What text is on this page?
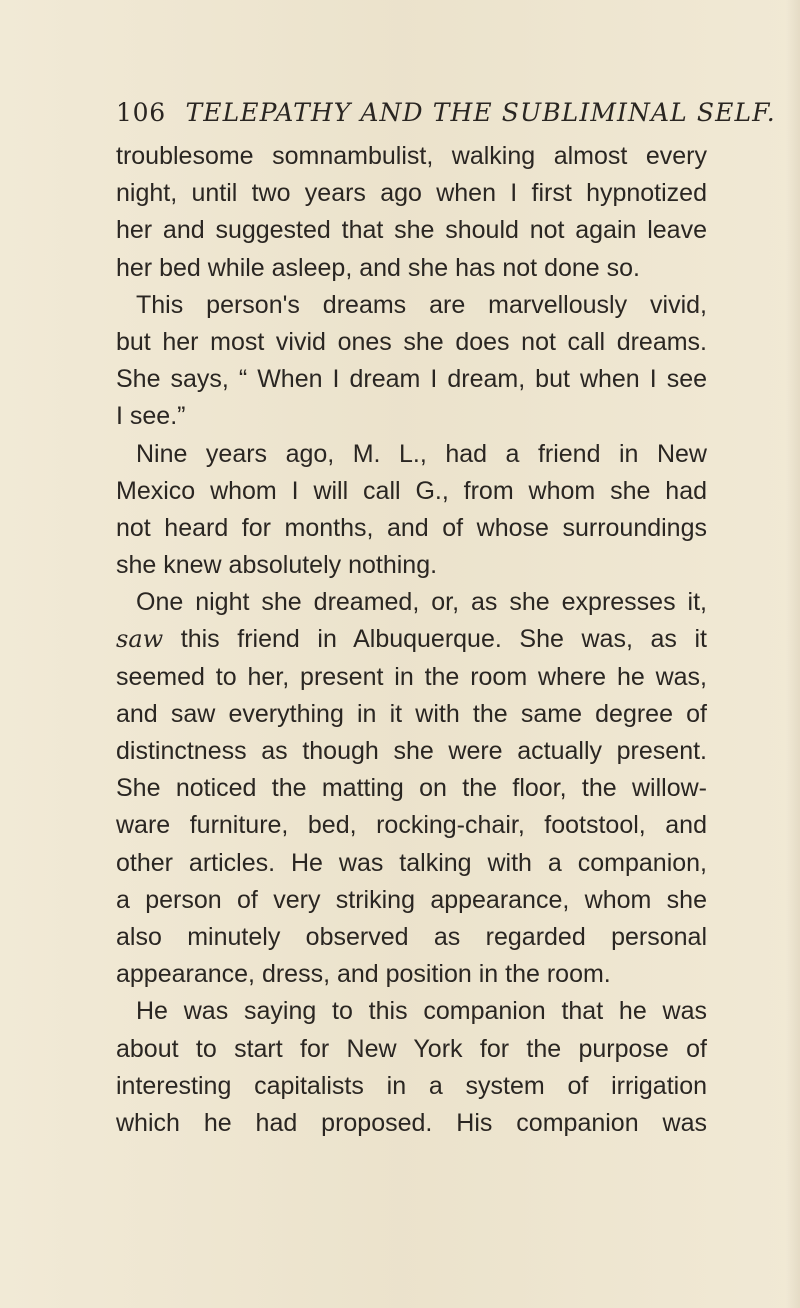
106 TELEPATHY AND THE SUBLIMINAL SELF.
troublesome somnambulist, walking almost every
night, until two years ago when I first hypnotized
her and suggested that she should not again leave
her bed while asleep, and she has not done so.
This person's dreams are marvellously vivid,
but her most vivid ones she does not call dreams.
She says, “ When I dream I dream, but when I see
I see.”
Nine years ago, M. L., had a friend in New
Mexico whom I will call G., from whom she had
not heard for months, and of whose surroundings
she knew absolutely nothing.
One night she dreamed, or, as she expresses it,
saw this friend in Albuquerque. She was, as it
seemed to her, present in the room where he was,
and saw everything in it with the same degree of
distinctness as though she were actually present.
She noticed the matting on the floor, the willow-
ware furniture, bed, rocking-chair, footstool, and
other articles. He was talking with a companion,
a person of very striking appearance, whom she
also minutely observed as regarded personal
appearance, dress, and position in the room.
He was saying to this companion that he was
about to start for New York for the purpose of
interesting capitalists in a system of irrigation
which he had proposed. His companion was
